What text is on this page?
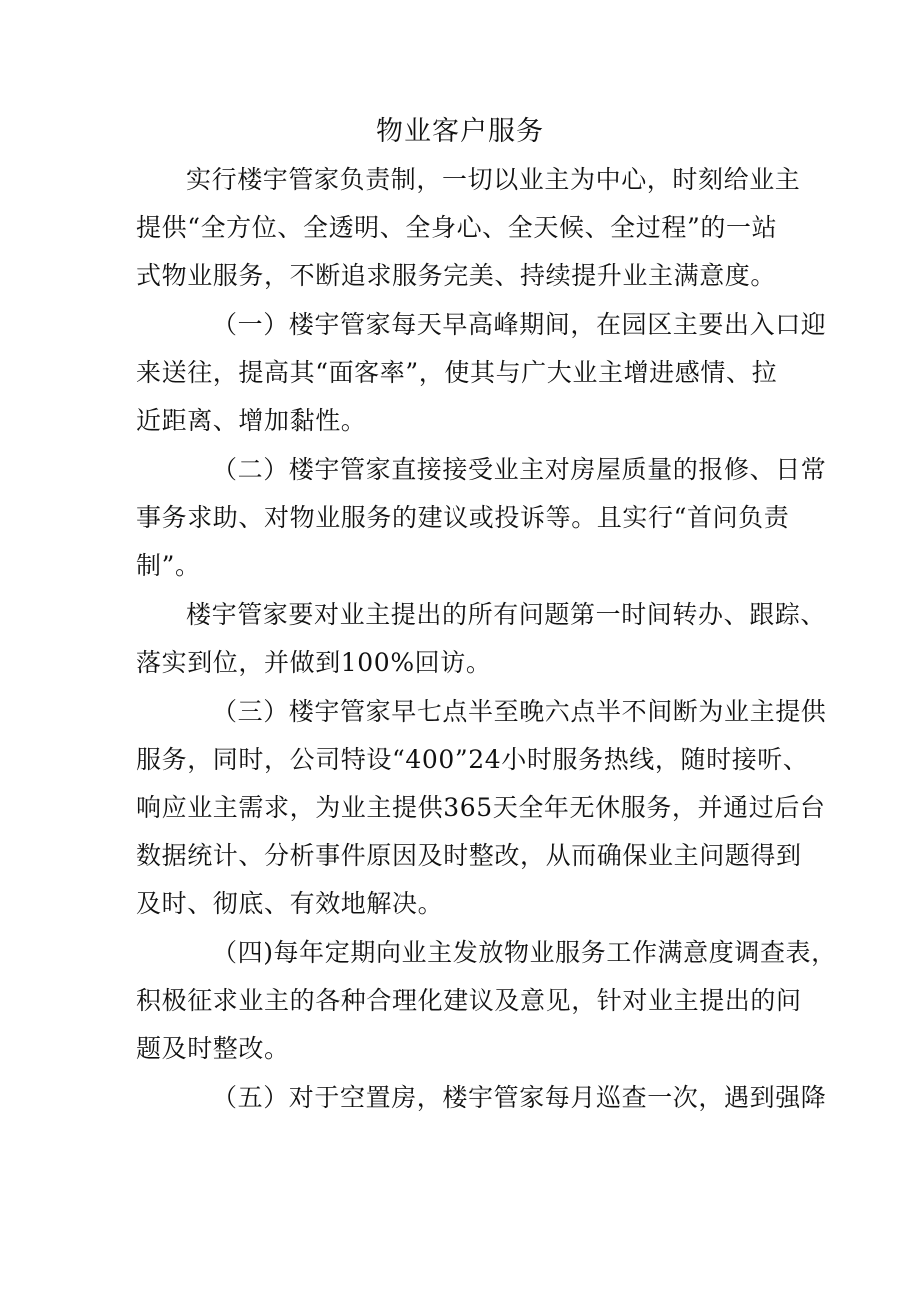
物业客户服务
实行楼宇管家负责制，一切以业主为中心，时刻给业主
提供“全方位、全透明、全身心、全天候、全过程”的一站
式物业服务，不断追求服务完美、持续提升业主满意度。
（一）楼宇管家每天早高峰期间，在园区主要出入口迎
来送往，提高其“面客率”，使其与广大业主增进感情、拉
近距离、增加黏性。
（二）楼宇管家直接接受业主对房屋质量的报修、日常
事务求助、对物业服务的建议或投诉等。且实行“首问负责
制”。
楼宇管家要对业主提出的所有问题第一时间转办、跟踪、
落实到位，并做到100%回访。
（三）楼宇管家早七点半至晚六点半不间断为业主提供
服务，同时，公司特设“400”24小时服务热线，随时接听、
响应业主需求，为业主提供365天全年无休服务，并通过后台
数据统计、分析事件原因及时整改，从而确保业主问题得到
及时、彻底、有效地解决。
（四)每年定期向业主发放物业服务工作满意度调查表，
积极征求业主的各种合理化建议及意见，针对业主提出的问
题及时整改。
（五）对于空置房，楼宇管家每月巡查一次，遇到强降
